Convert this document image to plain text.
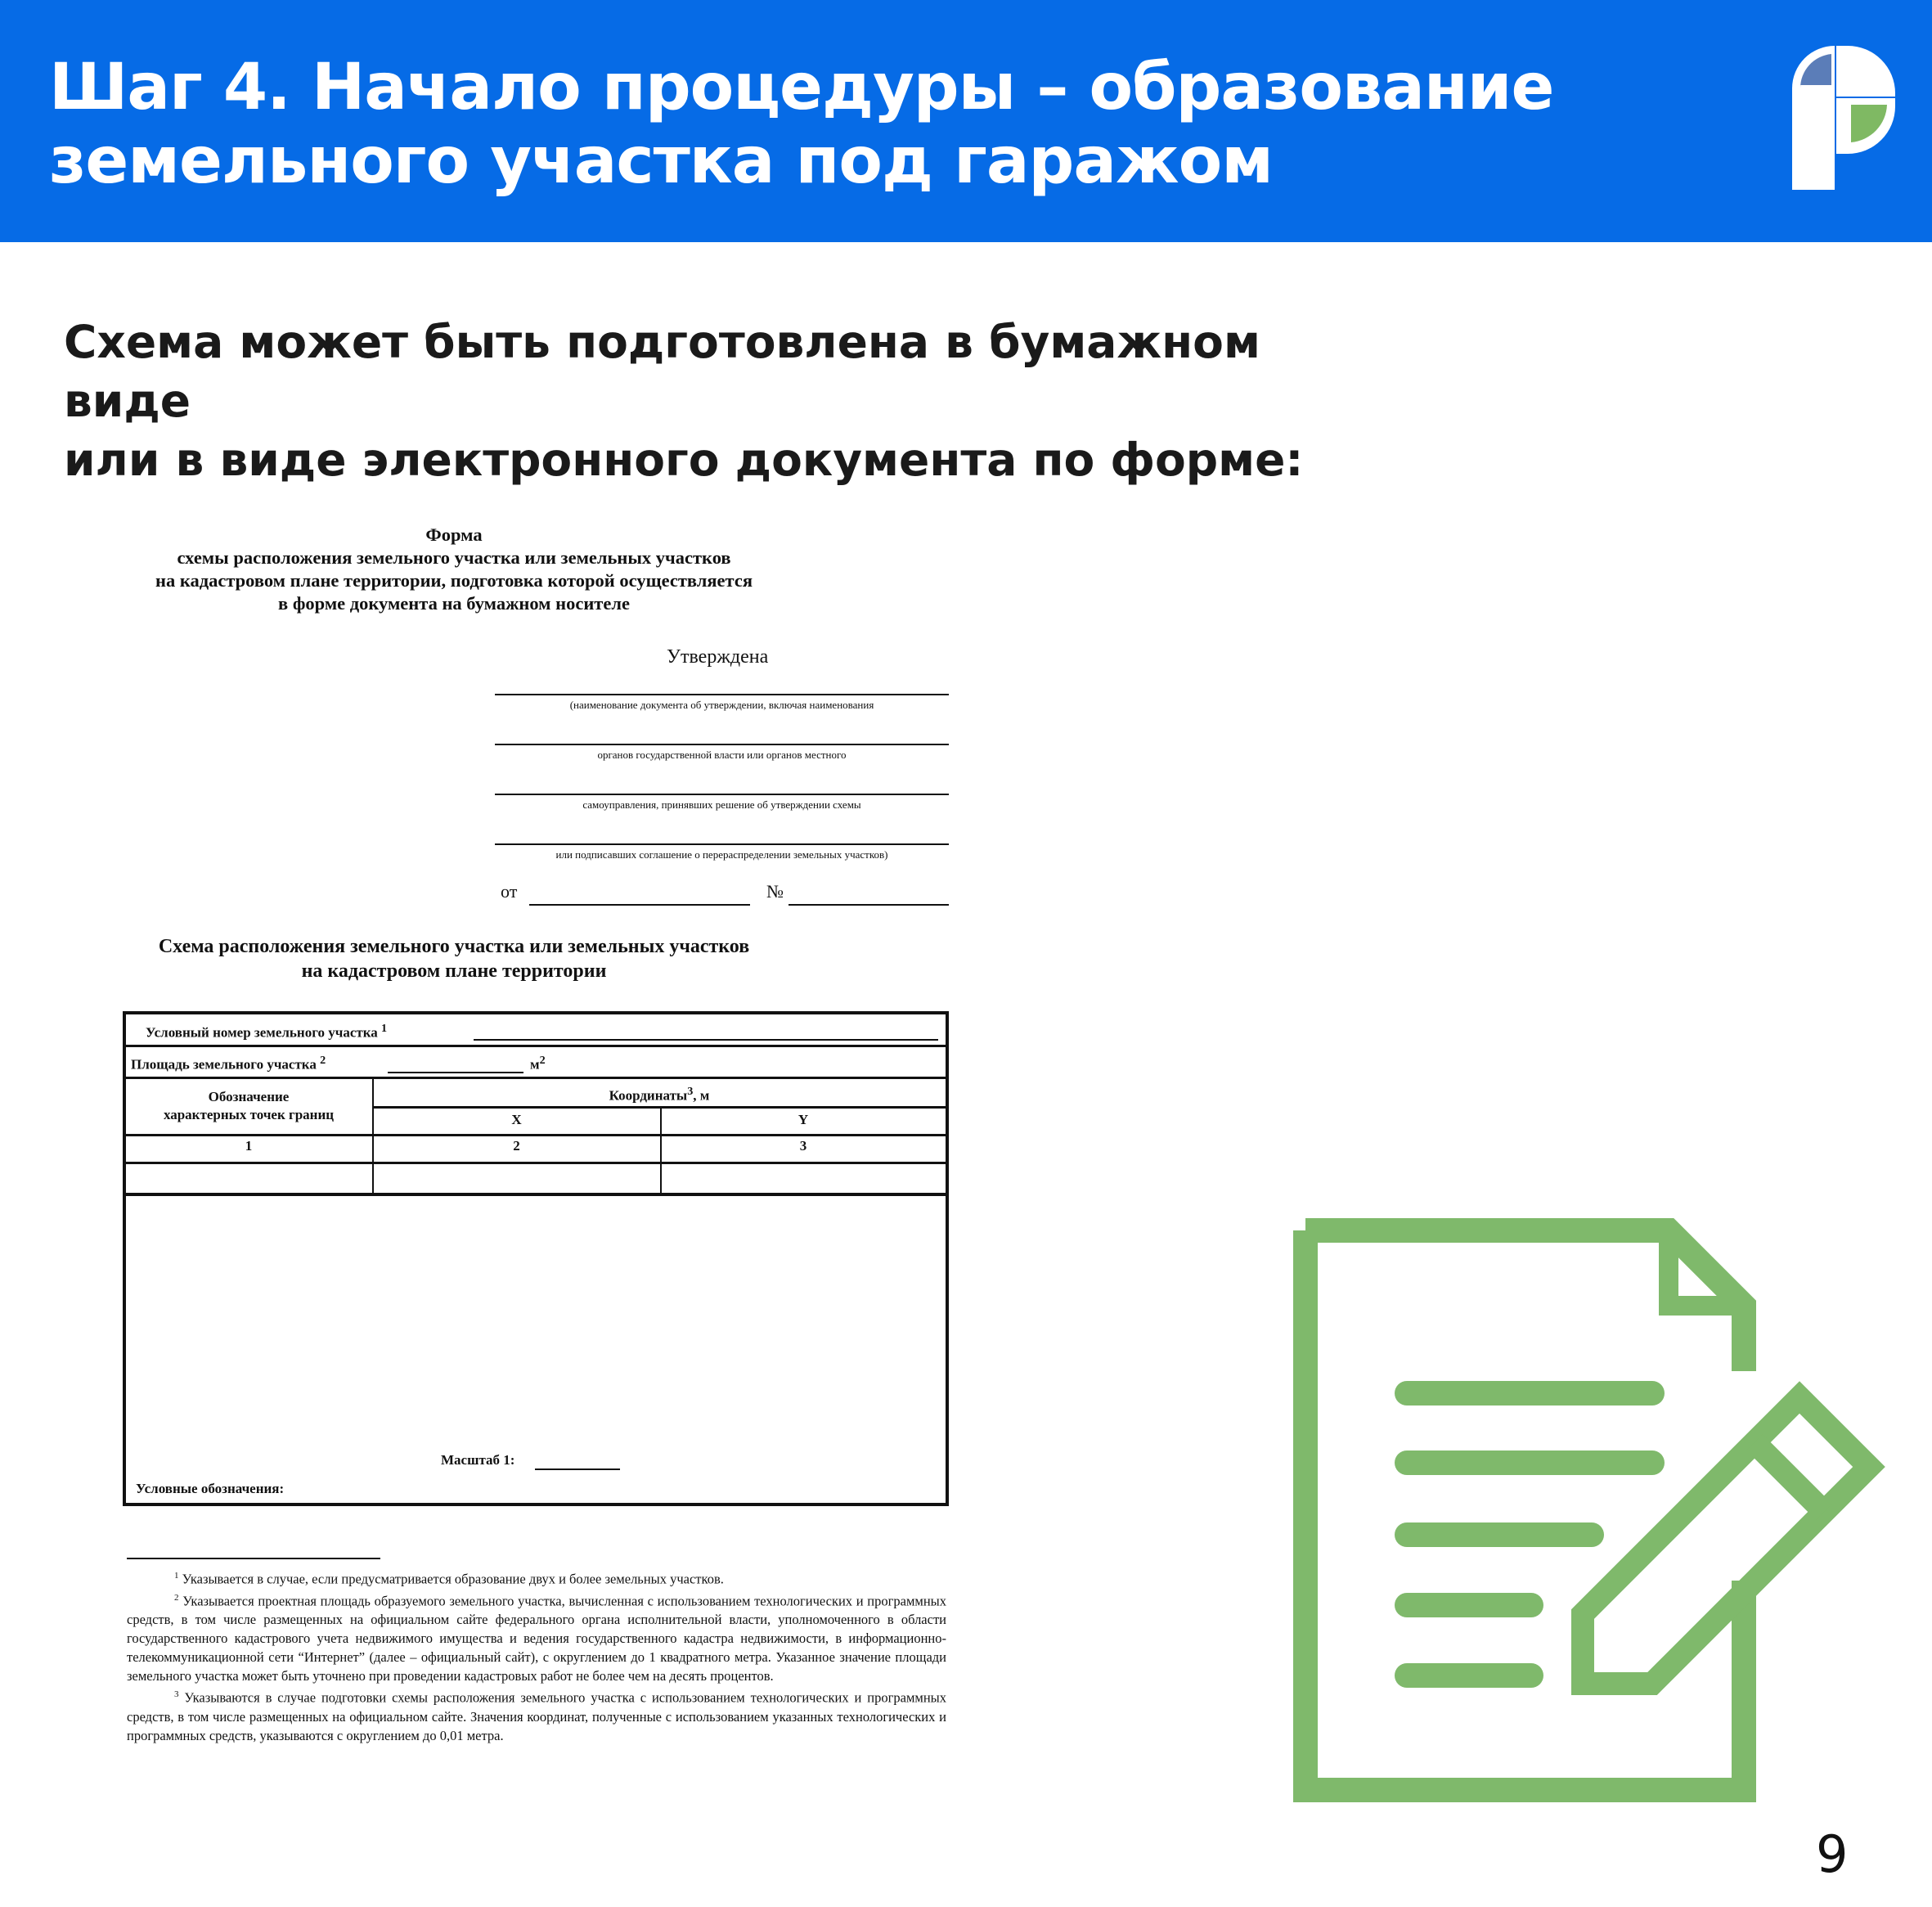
Шаг 4. Начало процедуры – образование
земельного участка под гаражом
Схема может быть подготовлена в бумажном виде
или в виде электронного документа по форме:
Форма
схемы расположения земельного участка или земельных участков
на кадастровом плане территории, подготовка которой осуществляется
в форме документа на бумажном носителе
Утверждена
(наименование документа об утверждении, включая наименования
органов государственной власти или органов местного
самоуправления, принявших решение об утверждении схемы
или подписавших соглашение о перераспределении земельных участков)
от	№
Схема расположения земельного участка или земельных участков
на кадастровом плане территории
Условный номер земельного участка $^1$
Площадь земельного участка $^2$	$м^2$
Обозначение
характерных точек границ
Координаты$^3$, м
X	Y
1	2	3
Масштаб 1:
Условные обозначения:

$^1$ Указывается в случае, если предусматривается образование двух и более земельных участков.

$^2$ Указывается проектная площадь образуемого земельного участка, вычисленная с использованием технологических и программных средств, в том числе размещенных на официальном сайте федерального органа исполнительной власти, уполномоченного в области государственного кадастрового учета недвижимого имущества и ведения государственного кадастра недвижимости, в информационно-телекоммуникационной сети “Интернет” (далее – официальный сайт), с округлением до 1 квадратного метра. Указанное значение площади земельного участка может быть уточнено при проведении кадастровых работ не более чем на десять процентов.

$^3$ Указываются в случае подготовки схемы расположения земельного участка с использованием технологических и программных средств, в том числе размещенных на официальном сайте. Значения координат, полученные с использованием указанных технологических и программных средств, указываются с округлением до 0,01 метра.

9
